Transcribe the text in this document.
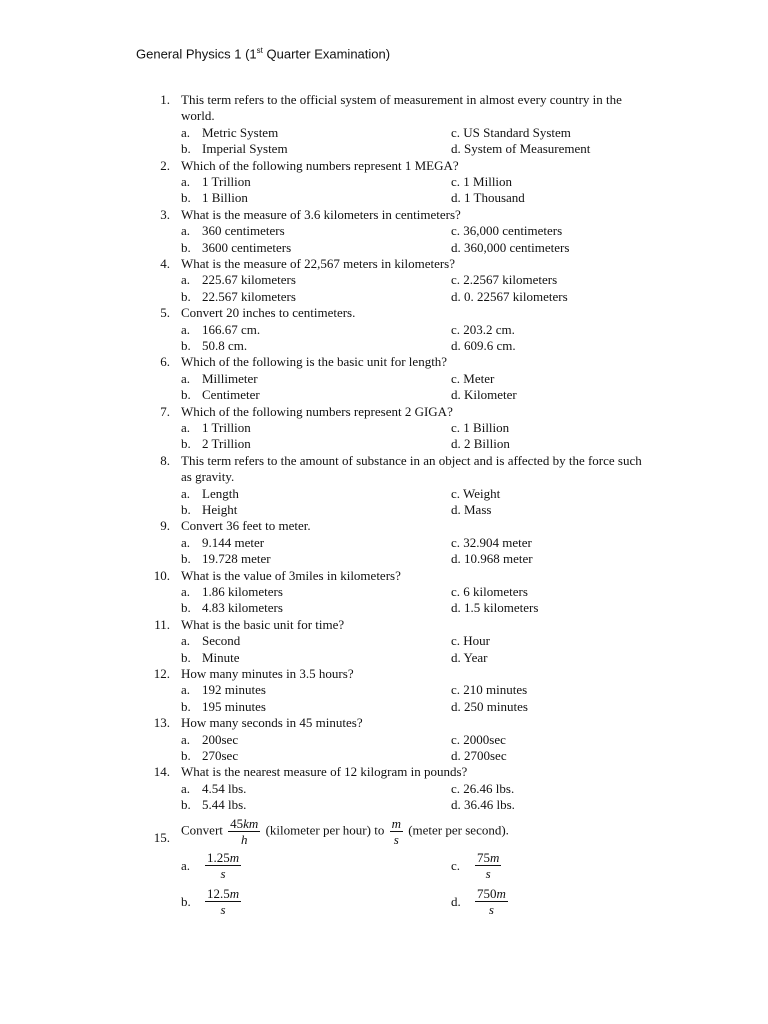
General Physics 1 (1st Quarter Examination)
1. This term refers to the official system of measurement in almost every country in the
world.
a. Metric System	c. US Standard System
b. Imperial System	d. System of Measurement
2. Which of the following numbers represent 1 MEGA?
a. 1 Trillion	c. 1 Million
b. 1 Billion	d. 1 Thousand
3. What is the measure of 3.6 kilometers in centimeters?
a. 360 centimeters	c. 36,000 centimeters
b. 3600 centimeters	d. 360,000 centimeters
4. What is the measure of 22,567 meters in kilometers?
a. 225.67 kilometers	c. 2.2567 kilometers
b. 22.567 kilometers	d. 0. 22567 kilometers
5. Convert 20 inches to centimeters.
a. 166.67 cm.	c. 203.2 cm.
b. 50.8 cm.	d. 609.6 cm.
6. Which of the following is the basic unit for length?
a. Millimeter	c. Meter
b. Centimeter	d. Kilometer
7. Which of the following numbers represent 2 GIGA?
a. 1 Trillion	c. 1 Billion
b. 2 Trillion	d. 2 Billion
8. This term refers to the amount of substance in an object and is affected by the force such
as gravity.
a. Length	c. Weight
b. Height	d. Mass
9. Convert 36 feet to meter.
a. 9.144 meter	c. 32.904 meter
b. 19.728 meter	d. 10.968 meter
10. What is the value of 3miles in kilometers?
a. 1.86 kilometers	c. 6 kilometers
b. 4.83 kilometers	d. 1.5 kilometers
11. What is the basic unit for time?
a. Second	c. Hour
b. Minute	d. Year
12. How many minutes in 3.5 hours?
a. 192 minutes	c. 210 minutes
b. 195 minutes	d. 250 minutes
13. How many seconds in 45 minutes?
a. 200sec	c. 2000sec
b. 270sec	d. 2700sec
14. What is the nearest measure of 12 kilogram in pounds?
a. 4.54 lbs.	c. 26.46 lbs.
b. 5.44 lbs.	d. 36.46 lbs.
15.
Convert $\frac{45km}{h}$ (kilometer per hour) to $\frac{m}{s}$ (meter per second).
a. $\frac{1.25m}{s}$	c. $\frac{75m}{s}$
b. $\frac{12.5m}{s}$	d. $\frac{750m}{s}$
